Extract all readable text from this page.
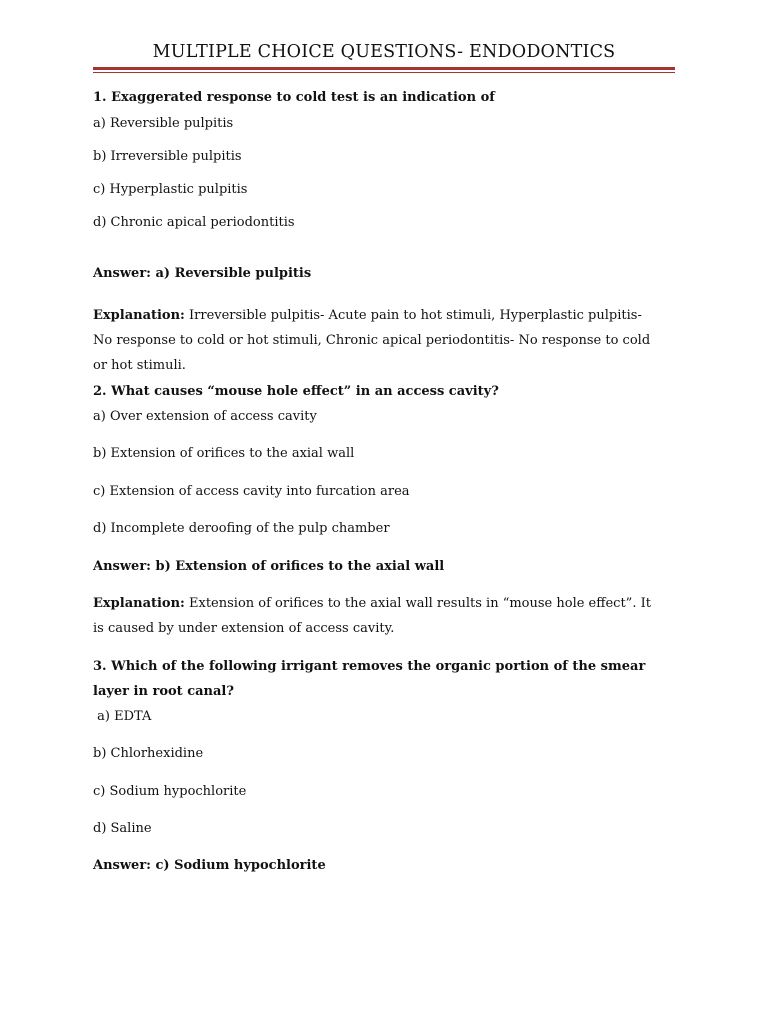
MULTIPLE CHOICE QUESTIONS- ENDODONTICS
1. Exaggerated response to cold test is an indication of
a) Reversible pulpitis
b) Irreversible pulpitis
c) Hyperplastic pulpitis
d) Chronic apical periodontitis
Answer: a) Reversible pulpitis
Explanation: Irreversible pulpitis- Acute pain to hot stimuli, Hyperplastic pulpitis- No response to cold or hot stimuli, Chronic apical periodontitis- No response to cold or hot stimuli.
2. What causes “mouse hole effect” in an access cavity?
a) Over extension of access cavity
b) Extension of orifices to the axial wall
c) Extension of access cavity into furcation area
d) Incomplete deroofing of the pulp chamber
Answer: b) Extension of orifices to the axial wall
Explanation: Extension of orifices to the axial wall results in “mouse hole effect”. It is caused by under extension of access cavity.
3. Which of the following irrigant removes the organic portion of the smear layer in root canal?
a) EDTA
b) Chlorhexidine
c) Sodium hypochlorite
d) Saline
Answer: c) Sodium hypochlorite
